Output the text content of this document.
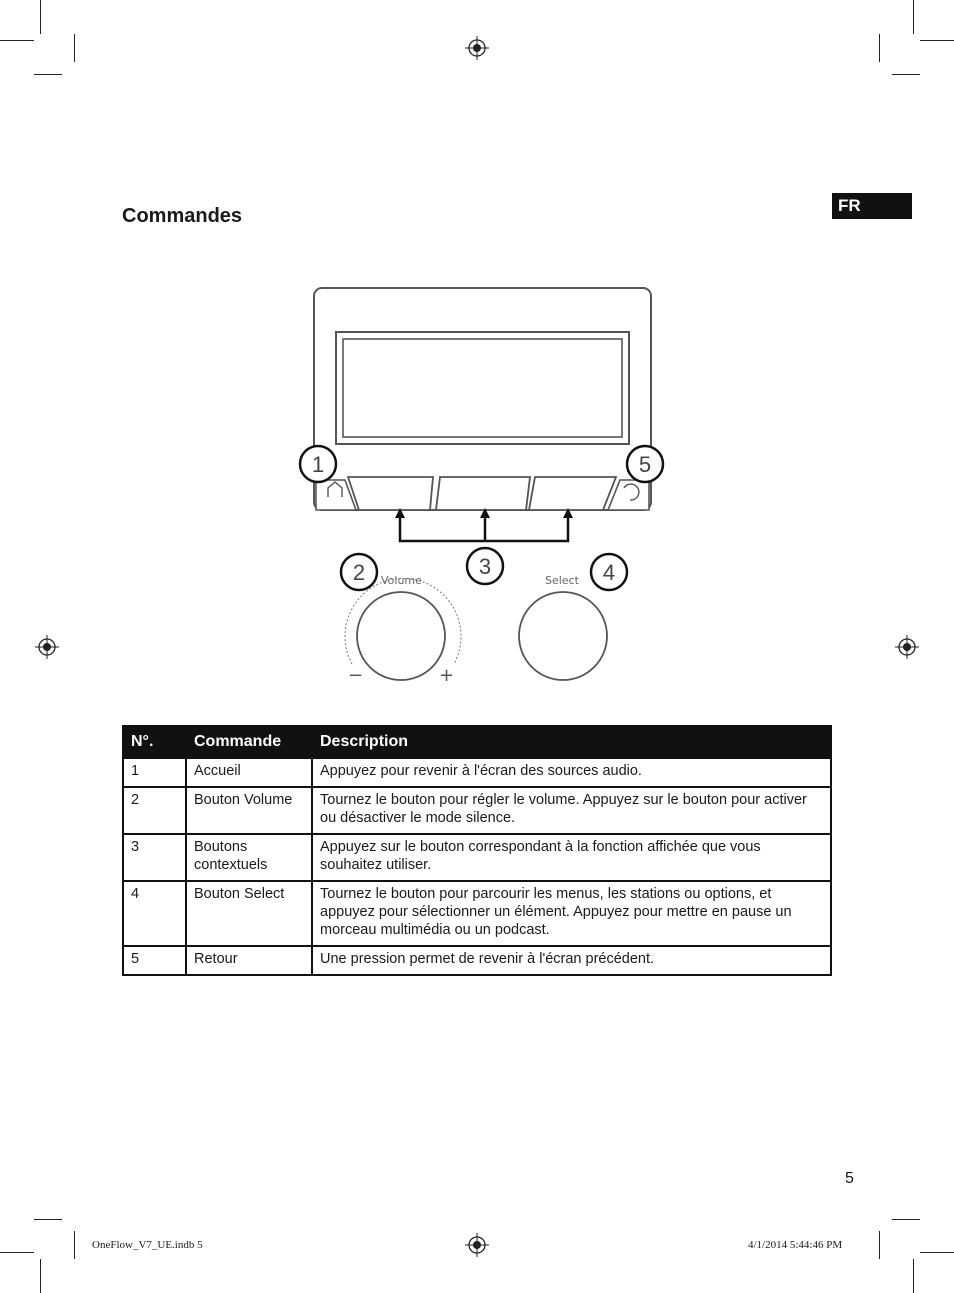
FR
Commandes
Volume
−	+
Select
1	5
3
2	4
N°.	Commande	Description
1	Accueil	Appuyez pour revenir à l'écran des sources audio.
2	Bouton Volume	Tournez le bouton pour régler le volume. Appuyez sur le bouton pour activer ou désactiver le mode silence.
3	Boutons contextuels	Appuyez sur le bouton correspondant à la fonction affichée que vous souhaitez utiliser.
4	Bouton Select	Tournez le bouton pour parcourir les menus, les stations ou options, et appuyez pour sélectionner un élément. Appuyez pour mettre en pause un morceau multimédia ou un podcast.
5	Retour	Une pression permet de revenir à l'écran précédent.
5
OneFlow_V7_UE.indb 5	4/1/2014 5:44:46 PM
